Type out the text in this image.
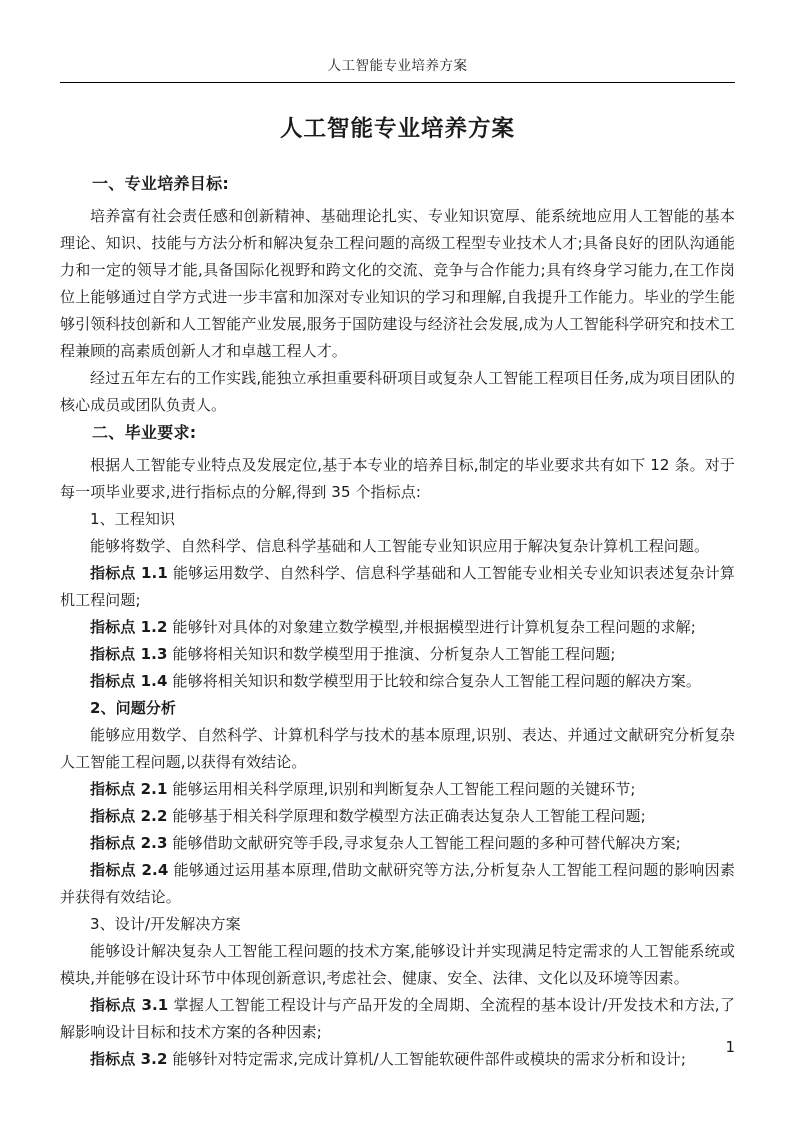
人工智能专业培养方案
人工智能专业培养方案
一、专业培养目标:

培养富有社会责任感和创新精神、基础理论扎实、专业知识宽厚、能系统地应用人工智能的基本理论、知识、技能与方法分析和解决复杂工程问题的高级工程型专业技术人才;具备良好的团队沟通能力和一定的领导才能,具备国际化视野和跨文化的交流、竞争与合作能力;具有终身学习能力,在工作岗位上能够通过自学方式进一步丰富和加深对专业知识的学习和理解,自我提升工作能力。毕业的学生能够引领科技创新和人工智能产业发展,服务于国防建设与经济社会发展,成为人工智能科学研究和技术工程兼顾的高素质创新人才和卓越工程人才。

经过五年左右的工作实践,能独立承担重要科研项目或复杂人工智能工程项目任务,成为项目团队的核心成员或团队负责人。

二、毕业要求:

根据人工智能专业特点及发展定位,基于本专业的培养目标,制定的毕业要求共有如下 12 条。对于每一项毕业要求,进行指标点的分解,得到 35 个指标点:

1、工程知识

能够将数学、自然科学、信息科学基础和人工智能专业知识应用于解决复杂计算机工程问题。

指标点 1.1 能够运用数学、自然科学、信息科学基础和人工智能专业相关专业知识表述复杂计算机工程问题;

指标点 1.2 能够针对具体的对象建立数学模型,并根据模型进行计算机复杂工程问题的求解;

指标点 1.3 能够将相关知识和数学模型用于推演、分析复杂人工智能工程问题;

指标点 1.4 能够将相关知识和数学模型用于比较和综合复杂人工智能工程问题的解决方案。

2、问题分析

能够应用数学、自然科学、计算机科学与技术的基本原理,识别、表达、并通过文献研究分析复杂人工智能工程问题,以获得有效结论。

指标点 2.1 能够运用相关科学原理,识别和判断复杂人工智能工程问题的关键环节;

指标点 2.2 能够基于相关科学原理和数学模型方法正确表达复杂人工智能工程问题;

指标点 2.3 能够借助文献研究等手段,寻求复杂人工智能工程问题的多种可替代解决方案;

指标点 2.4 能够通过运用基本原理,借助文献研究等方法,分析复杂人工智能工程问题的影响因素并获得有效结论。

3、设计/开发解决方案

能够设计解决复杂人工智能工程问题的技术方案,能够设计并实现满足特定需求的人工智能系统或模块,并能够在设计环节中体现创新意识,考虑社会、健康、安全、法律、文化以及环境等因素。

指标点 3.1 掌握人工智能工程设计与产品开发的全周期、全流程的基本设计/开发技术和方法,了解影响设计目标和技术方案的各种因素;

指标点 3.2 能够针对特定需求,完成计算机/人工智能软硬件部件或模块的需求分析和设计;

1
